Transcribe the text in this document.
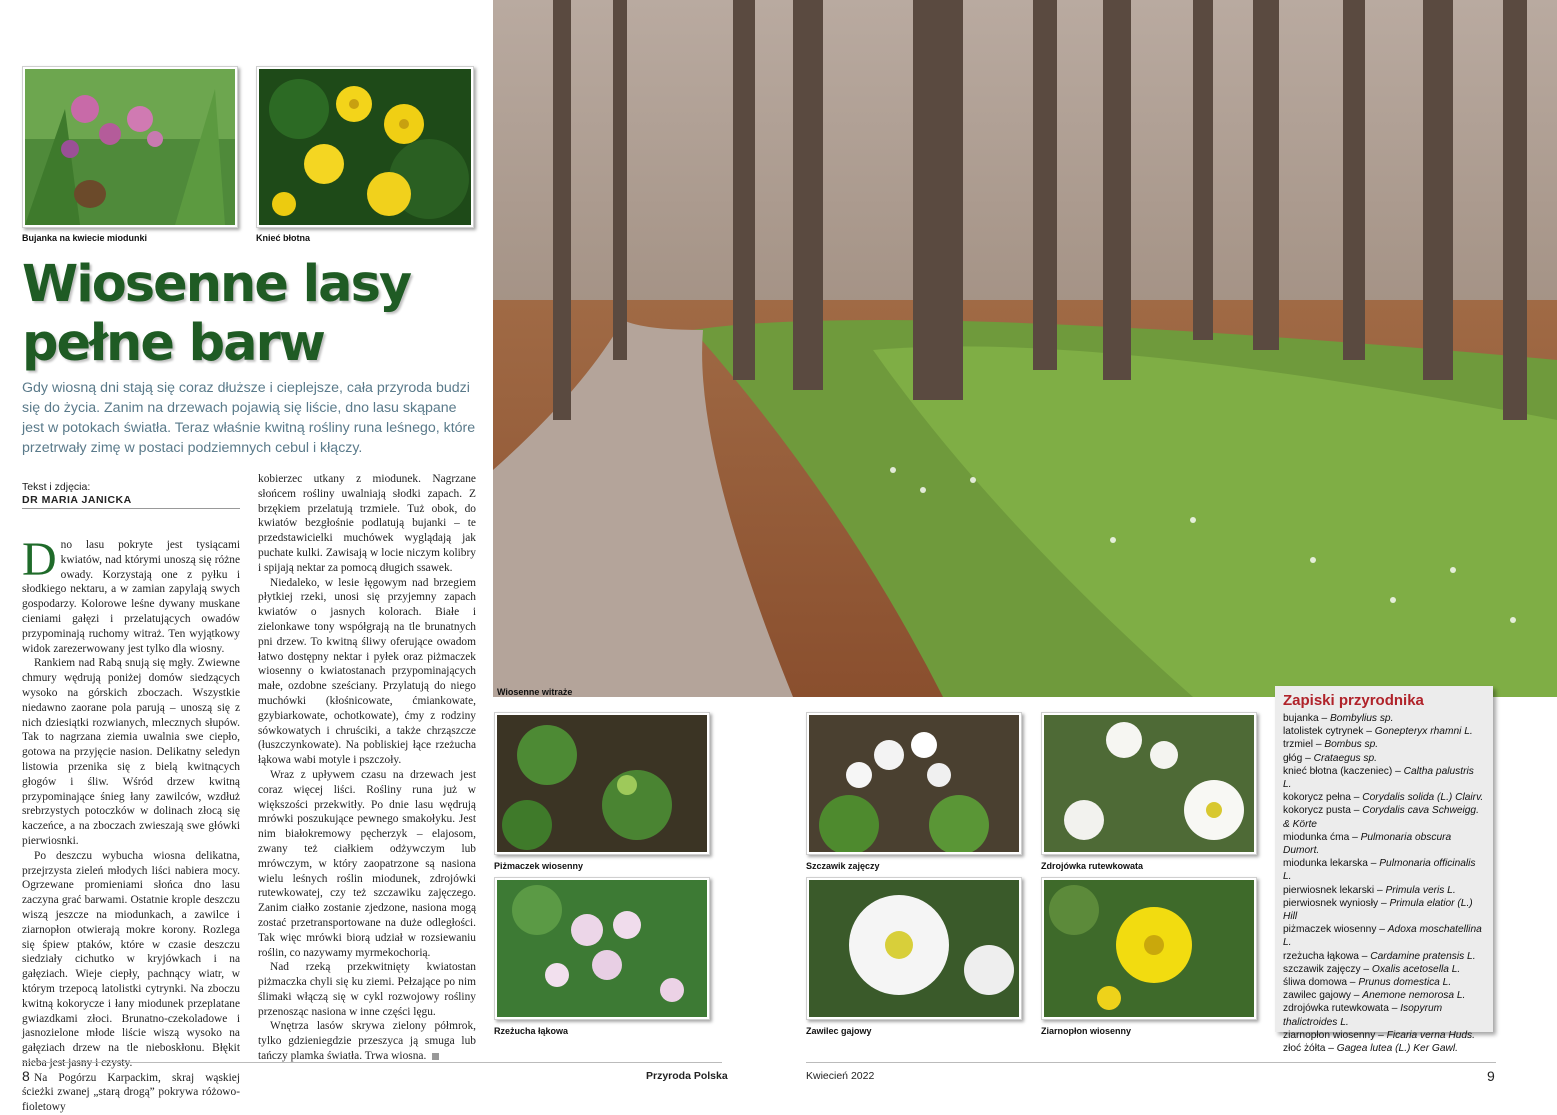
Bujanka na kwiecie miodunki	Knieć błotna
Wiosenne lasy
pełne barw
Gdy wiosną dni stają się coraz dłuższe i cieplejsze, cała przyroda budzi się do życia. Zanim na drzewach pojawią się liście, dno lasu skąpane jest w potokach światła. Teraz właśnie kwitną rośliny runa leśnego, które przetrwały zimę w postaci podziemnych cebul i kłączy.
Tekst i zdjęcia:
DR MARIA JANICKA

Dno lasu pokryte jest tysiącami kwiatów, nad którymi unoszą się różne owady. Korzystają one z pyłku i słodkiego nektaru, a w zamian zapylają swych gospodarzy. Kolorowe leśne dywany muskane cieniami gałęzi i przelatujących owadów przypominają ruchomy witraż. Ten wyjątkowy widok zarezerwowany jest tylko dla wiosny.

Rankiem nad Rabą snują się mgły. Zwiewne chmury wędrują poniżej domów siedzących wysoko na górskich zboczach. Wszystkie niedawno zaorane pola parują – unoszą się z nich dziesiątki rozwianych, mlecznych słupów. Tak to nagrzana ziemia uwalnia swe ciepło, gotowa na przyjęcie nasion. Delikatny seledyn listowia przenika się z bielą kwitnących głogów i śliw. Wśród drzew kwitną przypominające śnieg łany zawilców, wzdłuż srebrzystych potoczków w dolinach złocą się kaczeńce, a na zboczach zwieszają swe główki pierwiosnki.

Po deszczu wybucha wiosna delikatna, przejrzysta zieleń młodych liści nabiera mocy. Ogrzewane promieniami słońca dno lasu zaczyna grać barwami. Ostatnie krople deszczu wiszą jeszcze na miodunkach, a zawilce i ziarnopłon otwierają mokre korony. Rozlega się śpiew ptaków, które w czasie deszczu siedziały cichutko w kryjówkach i na gałęziach. Wieje ciepły, pachnący wiatr, w którym trzepocą latolistki cytrynki. Na zboczu kwitną kokorycze i łany miodunek przeplatane gwiazdkami złoci. Brunatno-czekoladowe i jasnozielone młode liście wiszą wysoko na gałęziach drzew na tle nieboskłonu. Błękit

Na Pogórzu Karpackim, skraj wąskiej ścieżki zwanej „starą drogą” pokrywa różowo-fioletowy

kobierzec utkany z miodunek. Nagrzane słońcem rośliny uwalniają słodki zapach. Z brzękiem przelatują trzmiele. Tuż obok, do kwiatów bezgłośnie podlatują bujanki – te przedstawicielki muchówek wyglądają jak puchate kulki. Zawisają w locie niczym kolibry i spijają nektar za pomocą długich ssawek.

Niedaleko, w lesie łęgowym nad brzegiem płytkiej rzeki, unosi się przyjemny zapach kwiatów o jasnych kolorach. Białe i zielonkawe tony współgrają na tle brunatnych pni drzew. To kwitną śliwy oferujące owadom łatwo dostępny nektar i pyłek oraz piżmaczek wiosenny o kwiatostanach przypominających małe, ozdobne sześciany. Przylatują do niego muchówki (kłośnicowate, ćmiankowate, gzybiarkowate, ochotkowate), ćmy z rodziny sówkowatych i chruściki, a także chrząszcze (łuszczynkowate). Na pobliskiej łące rzeżucha łąkowa wabi motyle i pszczoły.

Wraz z upływem czasu na drzewach jest coraz więcej liści. Rośliny runa już w większości przekwitły. Po dnie lasu wędrują mrówki poszukujące pewnego smakołyku. Jest nim białokremowy pęcherzyk – elajosom, zwany też ciałkiem odżywczym lub mrówczym, w który zaopatrzone są nasiona wielu leśnych roślin miodunek, zdrojówki rutewkowatej, czy też szczawiku zajęczego. Zanim ciałko zostanie zjedzone, nasiona mogą zostać przetransportowane na duże odległości. Tak więc mrówki biorą udział w rozsiewaniu roślin, co nazywamy myrmekochorią.

Nad rzeką przekwitnięty kwiatostan piżmaczka chyli się ku ziemi. Pełzające po nim ślimaki włączą się w cykl rozwojowy rośliny przenosząc nasiona w inne części lęgu.

Wnętrza lasów skrywa zielony półmrok, tylko gdzieniegdzie przeszyca ją smuga lub tańczy plamka światła. Trwa wiosna.

Wiosenne witraże
Piżmaczek wiosenny
Rzeżucha łąkowa
Szczawik zajęczy
Zawilec gajowy
Zdrojówka rutewkowata
Ziarnopłon wiosenny
Zapiski przyrodnika
bujanka – Bombylius sp.
latolistek cytrynek – Gonepteryx rhamni L.
trzmiel – Bombus sp.
głóg – Crataegus sp.
knieć błotna (kaczeniec) – Caltha palustris L.
kokorycz pełna – Corydalis solida (L.) Clairv.
kokorycz pusta – Corydalis cava Schweigg. & Körte
miodunka ćma – Pulmonaria obscura Dumort.
miodunka lekarska – Pulmonaria officinalis L.
pierwiosnek lekarski – Primula veris L.
pierwiosnek wyniosły – Primula elatior (L.) Hill
piżmaczek wiosenny – Adoxa moschatellina L.
rzeżucha łąkowa – Cardamine pratensis L.
szczawik zajęczy – Oxalis acetosella L.
śliwa domowa – Prunus domestica L.
zawilec gajowy – Anemone nemorosa L.
zdrojówka rutewkowata – Isopyrum thalictroides L.
ziarnopłon wiosenny – Ficaria verna Huds.
złoć żółta – Gagea lutea (L.) Ker Gawl.
8	Przyroda Polska	Kwiecień 2022	9
